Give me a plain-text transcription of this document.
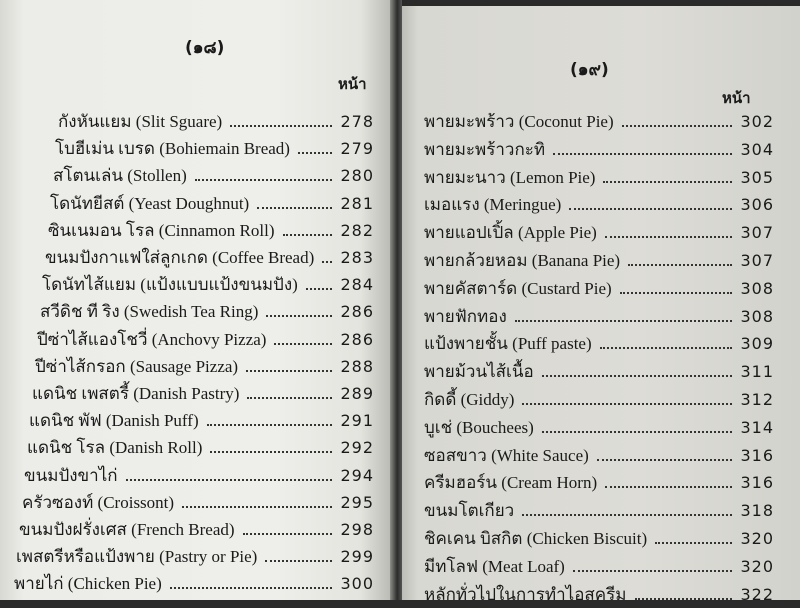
(๑๘)
หน้า
กังหันแยม (Slit Sguare)	278
โบฮีเม่น เบรด (Bohiemain Bread)	279
สโตนเล่น (Stollen)	280
โดนัทยีสต์ (Yeast Doughnut)	281
ซินเนมอน โรล (Cinnamon Roll)	282
ขนมปังกาแฟใส่ลูกเกด (Coffee Bread) 283
โดนัทไส้แยม (แป้งแบบแป้งขนมปัง)	284
สวีดิช ที ริง (Swedish Tea Ring)	286
ปีซ่าไส้แองโชวี่ (Anchovy Pizza)	286
ปีซ่าไส้กรอก (Sausage Pizza)	288
แดนิช เพสตรี้ (Danish Pastry)	289
แดนิช พัฟ (Danish Puff)	291
แดนิช โรล (Danish Roll)	292
ขนมปังขาไก่	294
ครัวซองท์ (Croissont)	295
ขนมปังฝรั่งเศส (French Bread)	298
เพสตรีหรือแป้งพาย (Pastry or Pie)	299
พายไก่ (Chicken Pie)	300
(๑๙)
หน้า
พายมะพร้าว (Coconut Pie)	302
พายมะพร้าวกะทิ	304
พายมะนาว (Lemon Pie)	305
เมอแรง (Meringue)	306
พายแอปเปิ้ล (Apple Pie)	307
พายกล้วยหอม (Banana Pie)	307
พายคัสตาร์ด (Custard Pie)	308
พายฟักทอง	308
แป้งพายชั้น (Puff paste)	309
พายม้วนไส้เนื้อ	311
กิดดี้ (Giddy)	312
บูเช่ (Bouchees)	314
ซอสขาว (White Sauce)	316
ครีมฮอร์น (Cream Horn)	316
ขนมโตเกียว	318
ชิคเคน บิสกิต (Chicken Biscuit)	320
มีทโลฟ (Meat Loaf)	320
หลักทั่วไปในการทำไอสครีม	322
